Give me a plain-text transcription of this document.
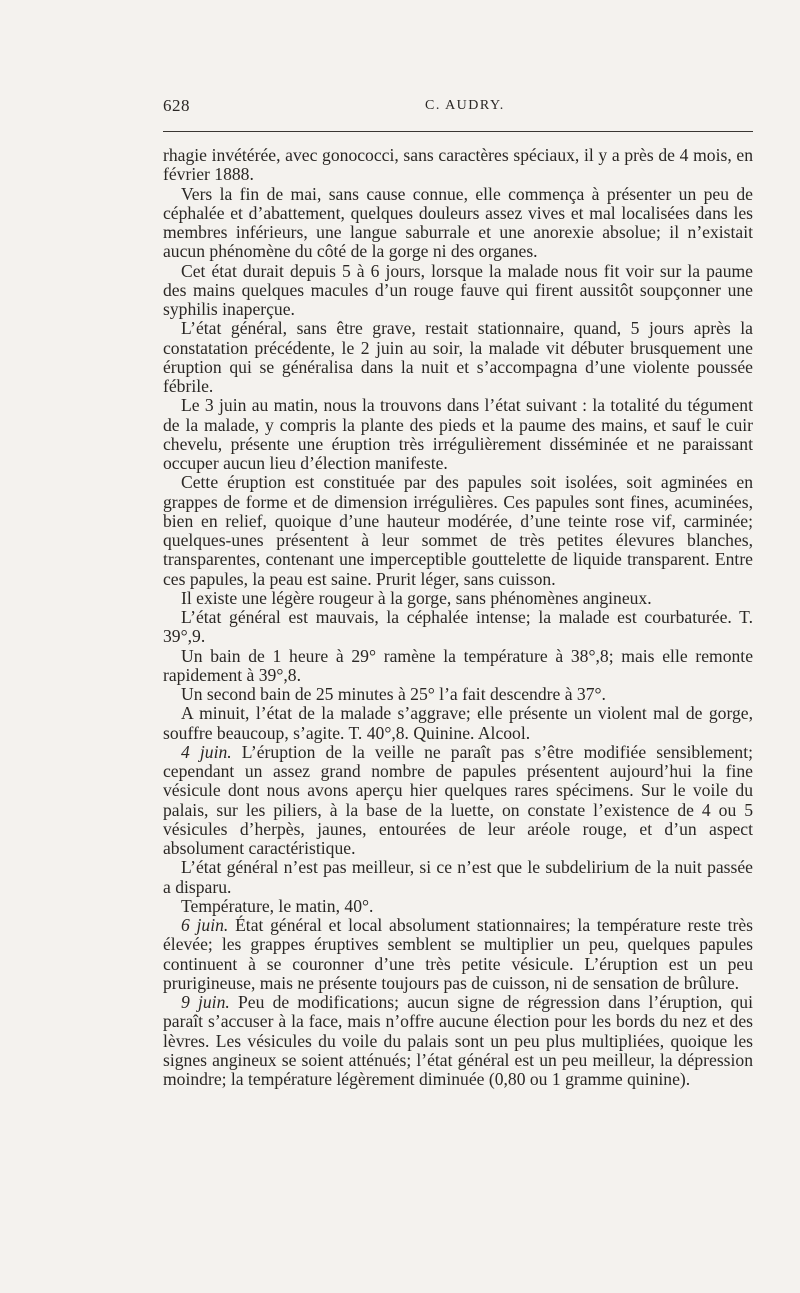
628	C. AUDRY.

rhagie invétérée, avec gonococci, sans caractères spéciaux, il y a près de 4 mois, en février 1888.

Vers la fin de mai, sans cause connue, elle commença à présenter un peu de céphalée et d’abattement, quelques douleurs assez vives et mal localisées dans les membres inférieurs, une langue saburrale et une anorexie absolue; il n’existait aucun phénomène du côté de la gorge ni des organes.

Cet état durait depuis 5 à 6 jours, lorsque la malade nous fit voir sur la paume des mains quelques macules d’un rouge fauve qui firent aussitôt soupçonner une syphilis inaperçue.

L’état général, sans être grave, restait stationnaire, quand, 5 jours après la constatation précédente, le 2 juin au soir, la malade vit débuter brusquement une éruption qui se généralisa dans la nuit et s’accompagna d’une violente poussée fébrile.

Le 3 juin au matin, nous la trouvons dans l’état suivant : la totalité du tégument de la malade, y compris la plante des pieds et la paume des mains, et sauf le cuir chevelu, présente une éruption très irrégulièrement disséminée et ne paraissant occuper aucun lieu d’élection manifeste.

Cette éruption est constituée par des papules soit isolées, soit agminées en grappes de forme et de dimension irrégulières. Ces papules sont fines, acuminées, bien en relief, quoique d’une hauteur modérée, d’une teinte rose vif, carminée; quelques-unes présentent à leur sommet de très petites élevures blanches, transparentes, contenant une imperceptible gouttelette de liquide transparent. Entre ces papules, la peau est saine. Prurit léger, sans cuisson.

Il existe une légère rougeur à la gorge, sans phénomènes angineux.

L’état général est mauvais, la céphalée intense; la malade est courbaturée. T. 39°,9.

Un bain de 1 heure à 29° ramène la température à 38°,8; mais elle remonte rapidement à 39°,8.

Un second bain de 25 minutes à 25° l’a fait descendre à 37°.

A minuit, l’état de la malade s’aggrave; elle présente un violent mal de gorge, souffre beaucoup, s’agite. T. 40°,8. Quinine. Alcool.

4 juin. L’éruption de la veille ne paraît pas s’être modifiée sensiblement; cependant un assez grand nombre de papules présentent aujourd’hui la fine vésicule dont nous avons aperçu hier quelques rares spécimens. Sur le voile du palais, sur les piliers, à la base de la luette, on constate l’existence de 4 ou 5 vésicules d’herpès, jaunes, entourées de leur aréole rouge, et d’un aspect absolument caractéristique.

L’état général n’est pas meilleur, si ce n’est que le subdelirium de la nuit passée a disparu.

Température, le matin, 40°.

6 juin. État général et local absolument stationnaires; la température reste très élevée; les grappes éruptives semblent se multiplier un peu, quelques papules continuent à se couronner d’une très petite vésicule. L’éruption est un peu prurigineuse, mais ne présente toujours pas de cuisson, ni de sensation de brûlure.

9 juin. Peu de modifications; aucun signe de régression dans l’éruption, qui paraît s’accuser à la face, mais n’offre aucune élection pour les bords du nez et des lèvres. Les vésicules du voile du palais sont un peu plus multipliées, quoique les signes angineux se soient atténués; l’état général est un peu meilleur, la dépression moindre; la température légèrement diminuée (0,80 ou 1 gramme quinine).
